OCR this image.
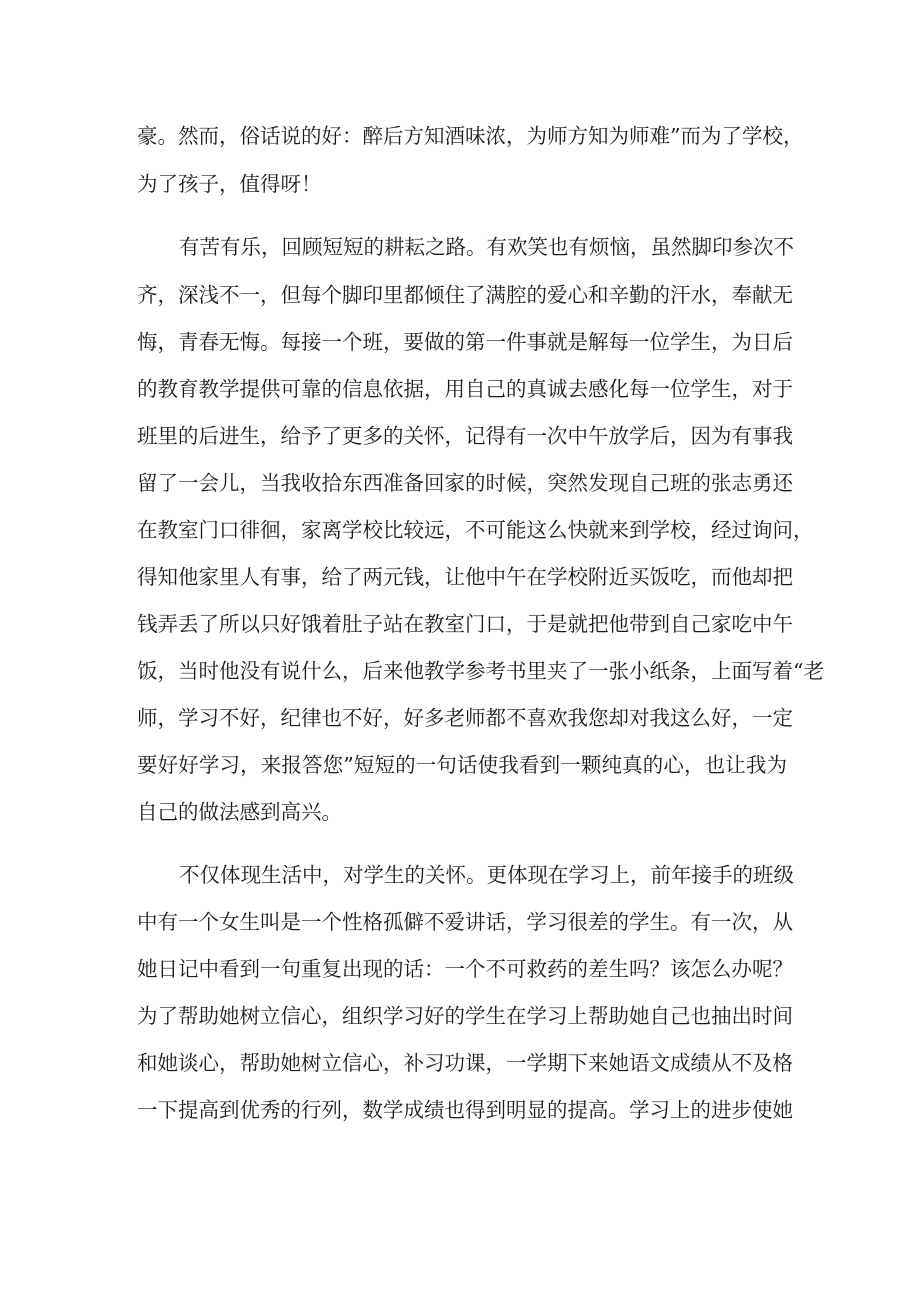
豪。然而，俗话说的好：醉后方知酒味浓，为师方知为师难”而为了学校，
为了孩子，值得呀！
有苦有乐，回顾短短的耕耘之路。有欢笑也有烦恼，虽然脚印参次不
齐，深浅不一，但每个脚印里都倾住了满腔的爱心和辛勤的汗水，奉献无
悔，青春无悔。每接一个班，要做的第一件事就是解每一位学生，为日后
的教育教学提供可靠的信息依据，用自己的真诚去感化每一位学生，对于
班里的后进生，给予了更多的关怀，记得有一次中午放学后，因为有事我
留了一会儿，当我收拾东西准备回家的时候，突然发现自己班的张志勇还
在教室门口徘徊，家离学校比较远，不可能这么快就来到学校，经过询问，
得知他家里人有事，给了两元钱，让他中午在学校附近买饭吃，而他却把
钱弄丢了所以只好饿着肚子站在教室门口，于是就把他带到自己家吃中午
饭，当时他没有说什么，后来他教学参考书里夹了一张小纸条，上面写着“老
师，学习不好，纪律也不好，好多老师都不喜欢我您却对我这么好，一定
要好好学习，来报答您”短短的一句话使我看到一颗纯真的心，也让我为
自己的做法感到高兴。
不仅体现生活中，对学生的关怀。更体现在学习上，前年接手的班级
中有一个女生叫是一个性格孤僻不爱讲话，学习很差的学生。有一次，从
她日记中看到一句重复出现的话：一个不可救药的差生吗？该怎么办呢？
为了帮助她树立信心，组织学习好的学生在学习上帮助她自己也抽出时间
和她谈心，帮助她树立信心，补习功课，一学期下来她语文成绩从不及格
一下提高到优秀的行列，数学成绩也得到明显的提高。学习上的进步使她
